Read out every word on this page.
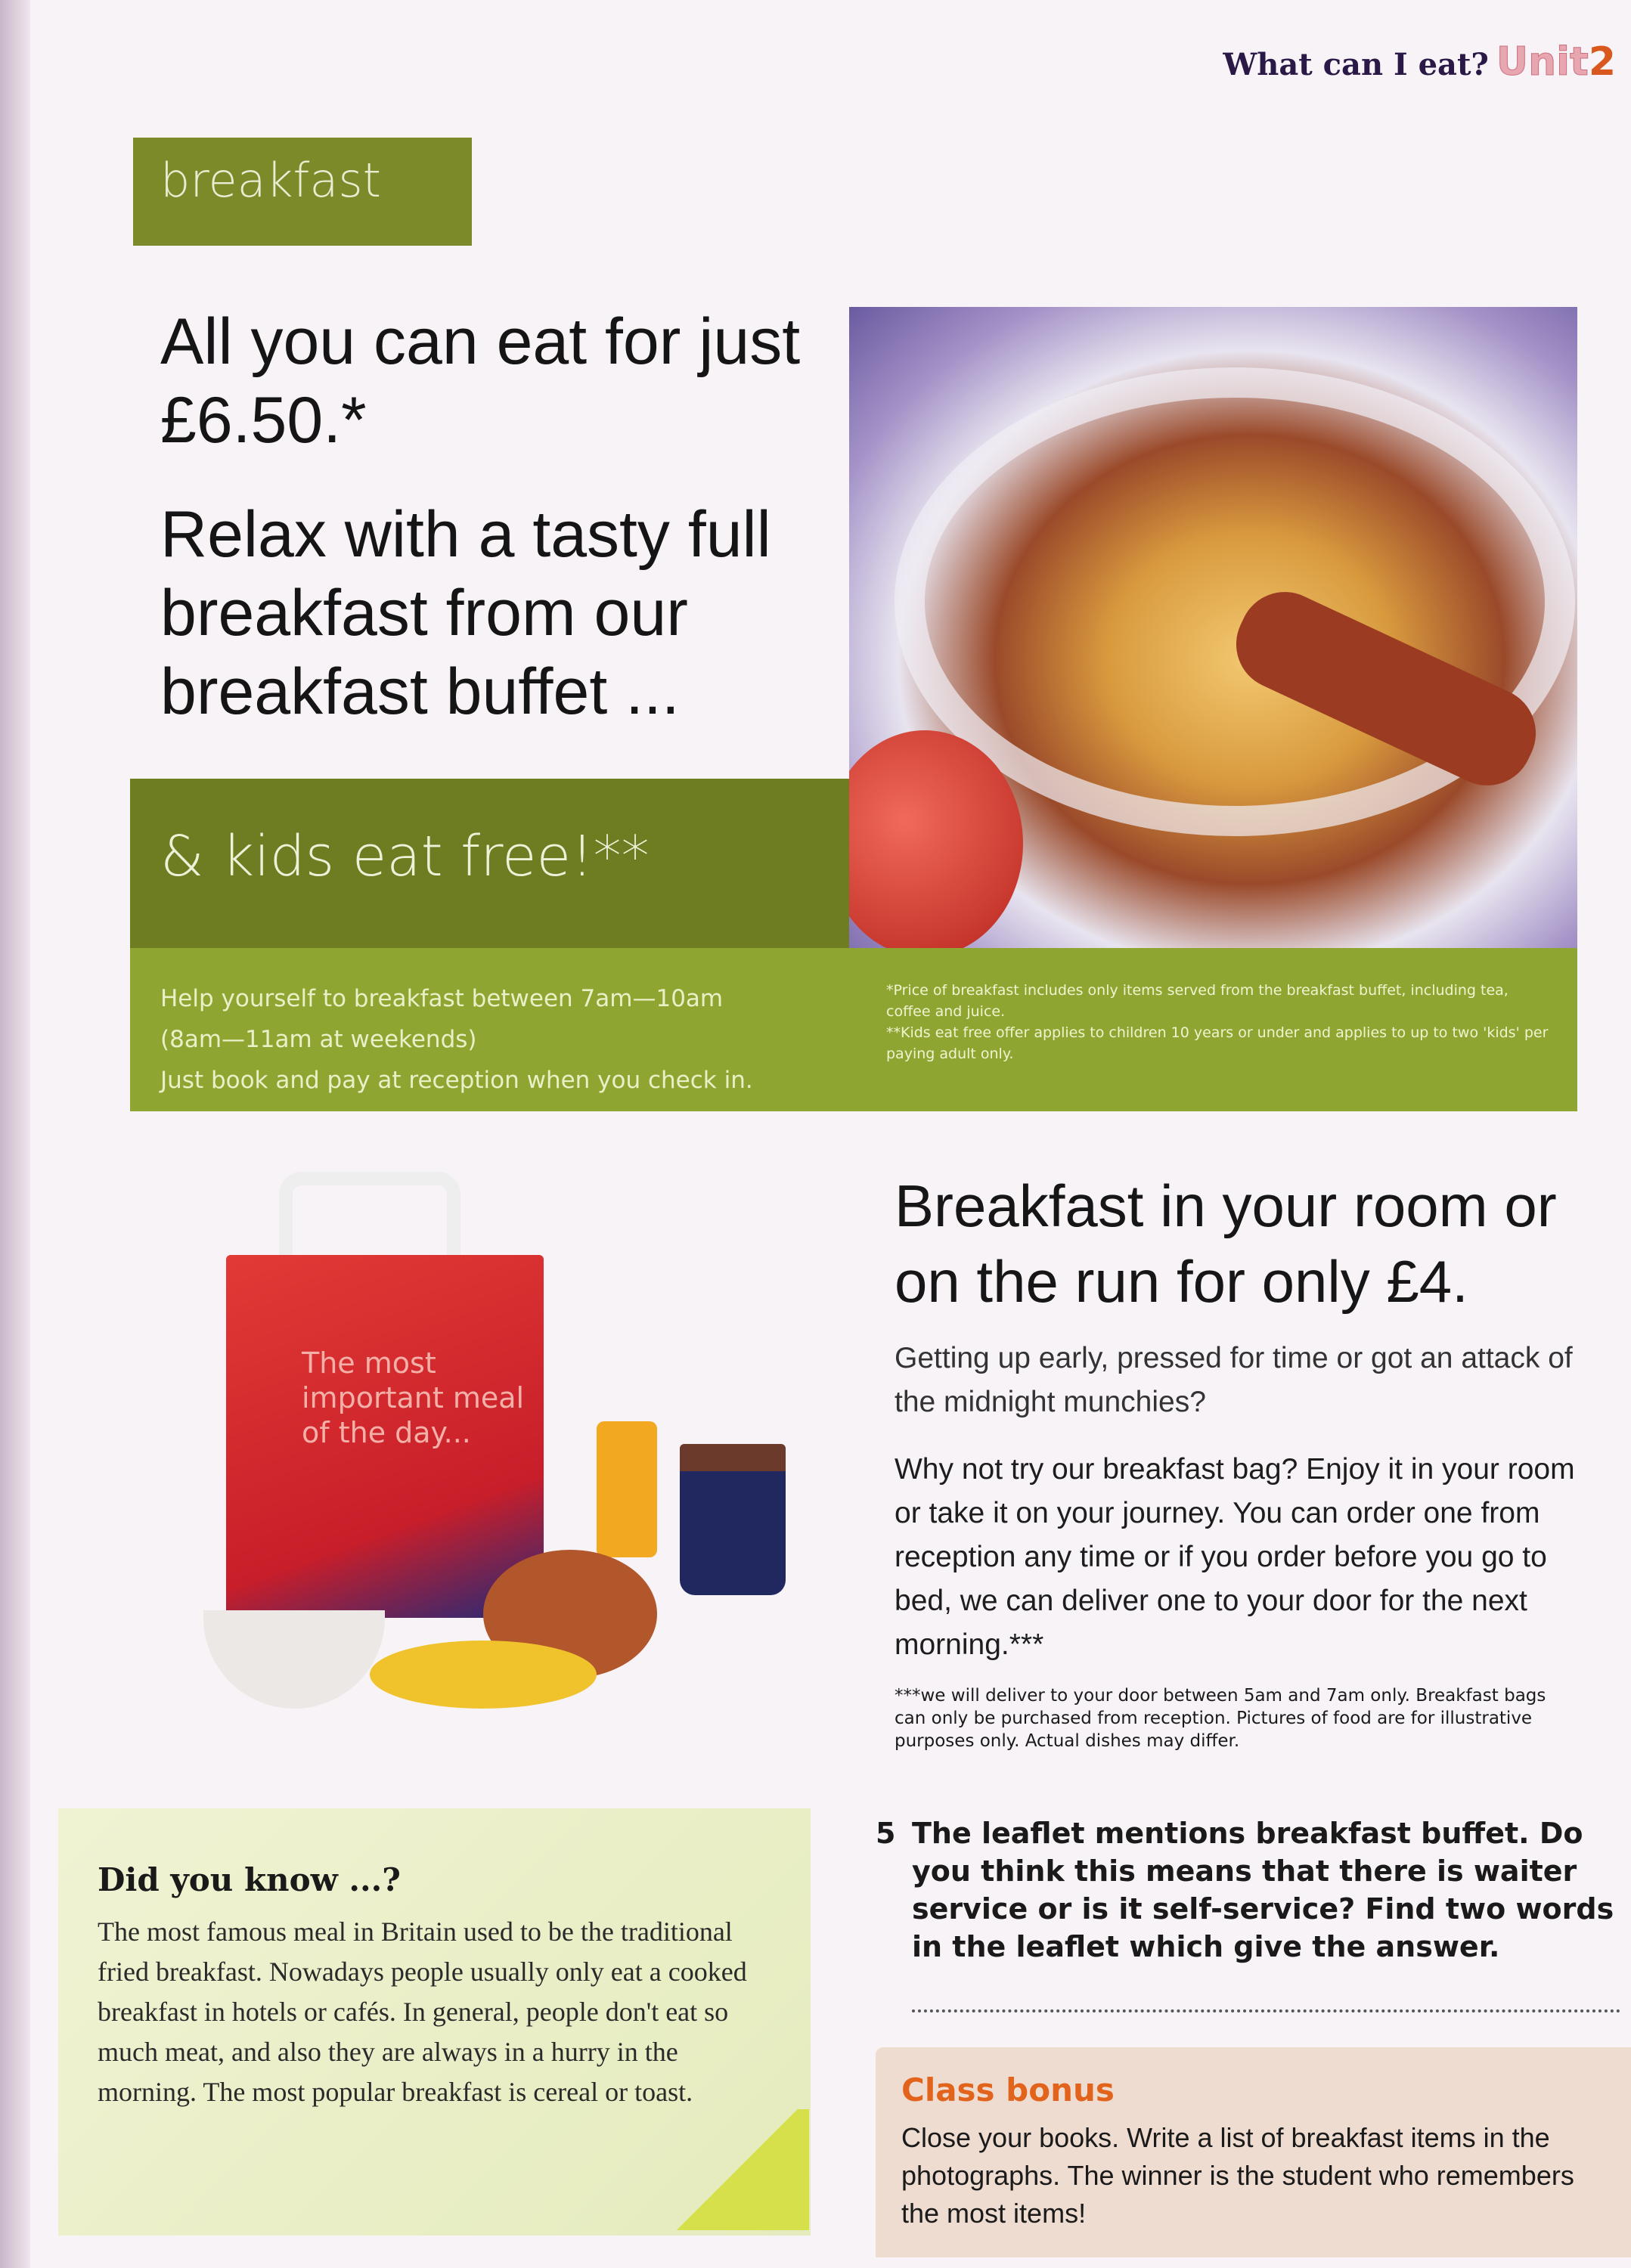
What can I eat? Unit2
breakfast
All you can eat for just £6.50.*
Relax with a tasty full breakfast from our breakfast buffet ...
& kids eat free!**
Help yourself to breakfast between 7am—10am
(8am—11am at weekends)
Just book and pay at reception when you check in.
*Price of breakfast includes only items served from the breakfast buffet, including tea, coffee and juice.
**Kids eat free offer applies to children 10 years or under and applies to up to two 'kids' per paying adult only.
The most important meal of the day...
Breakfast in your room or on the run for only £4.
Getting up early, pressed for time or got an attack of the midnight munchies?
Why not try our breakfast bag? Enjoy it in your room or take it on your journey. You can order one from reception any time or if you order before you go to bed, we can deliver one to your door for the next morning.***
***we will deliver to your door between 5am and 7am only. Breakfast bags can only be purchased from reception. Pictures of food are for illustrative purposes only. Actual dishes may differ.
Did you know ...?

The most famous meal in Britain used to be the traditional fried breakfast. Nowadays people usually only eat a cooked breakfast in hotels or cafés. In general, people don't eat so much meat, and also they are always in a hurry in the morning. The most popular breakfast is cereal or toast.

5 The leaflet mentions breakfast buffet. Do you think this means that there is waiter service or is it self-service? Find two words in the leaflet which give the answer.
Class bonus

Close your books. Write a list of breakfast items in the photographs. The winner is the student who remembers the most items!
